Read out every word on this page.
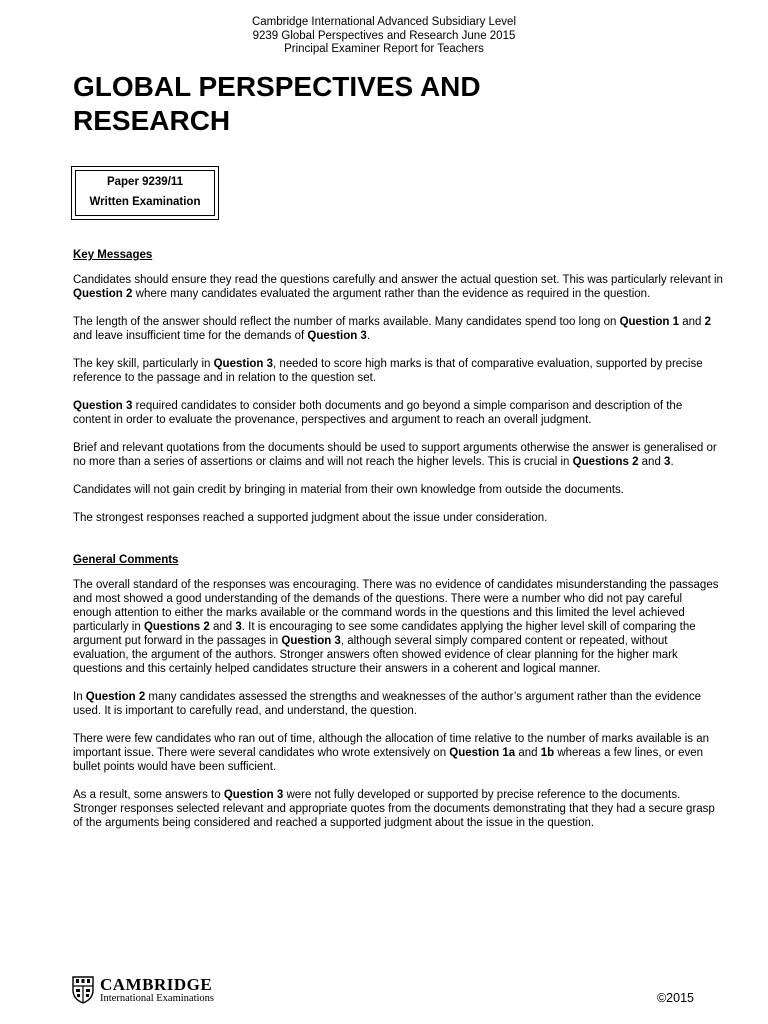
Cambridge International Advanced Subsidiary Level
9239 Global Perspectives and Research June 2015
Principal Examiner Report for Teachers
GLOBAL PERSPECTIVES AND
RESEARCH
Paper 9239/11
Written Examination

Key Messages

Candidates should ensure they read the questions carefully and answer the actual question set. This was particularly relevant in Question 2 where many candidates evaluated the argument rather than the evidence as required in the question.

The length of the answer should reflect the number of marks available. Many candidates spend too long on Question 1 and 2 and leave insufficient time for the demands of Question 3.

The key skill, particularly in Question 3, needed to score high marks is that of comparative evaluation, supported by precise reference to the passage and in relation to the question set.

Question 3 required candidates to consider both documents and go beyond a simple comparison and description of the content in order to evaluate the provenance, perspectives and argument to reach an overall judgment.

Brief and relevant quotations from the documents should be used to support arguments otherwise the answer is generalised or no more than a series of assertions or claims and will not reach the higher levels. This is crucial in Questions 2 and 3.

Candidates will not gain credit by bringing in material from their own knowledge from outside the documents.

The strongest responses reached a supported judgment about the issue under consideration.

General Comments

The overall standard of the responses was encouraging. There was no evidence of candidates misunderstanding the passages and most showed a good understanding of the demands of the questions. There were a number who did not pay careful enough attention to either the marks available or the command words in the questions and this limited the level achieved particularly in Questions 2 and 3. It is encouraging to see some candidates applying the higher level skill of comparing the argument put forward in the passages in Question 3, although several simply compared content or repeated, without evaluation, the argument of the authors. Stronger answers often showed evidence of clear planning for the higher mark questions and this certainly helped candidates structure their answers in a coherent and logical manner.

In Question 2 many candidates assessed the strengths and weaknesses of the author’s argument rather than the evidence used. It is important to carefully read, and understand, the question.

There were few candidates who ran out of time, although the allocation of time relative to the number of marks available is an important issue. There were several candidates who wrote extensively on Question 1a and 1b whereas a few lines, or even bullet points would have been sufficient.

As a result, some answers to Question 3 were not fully developed or supported by precise reference to the documents. Stronger responses selected relevant and appropriate quotes from the documents demonstrating that they had a secure grasp of the arguments being considered and reached a supported judgment about the issue in the question.

CAMBRIDGE
International Examinations	©2015
